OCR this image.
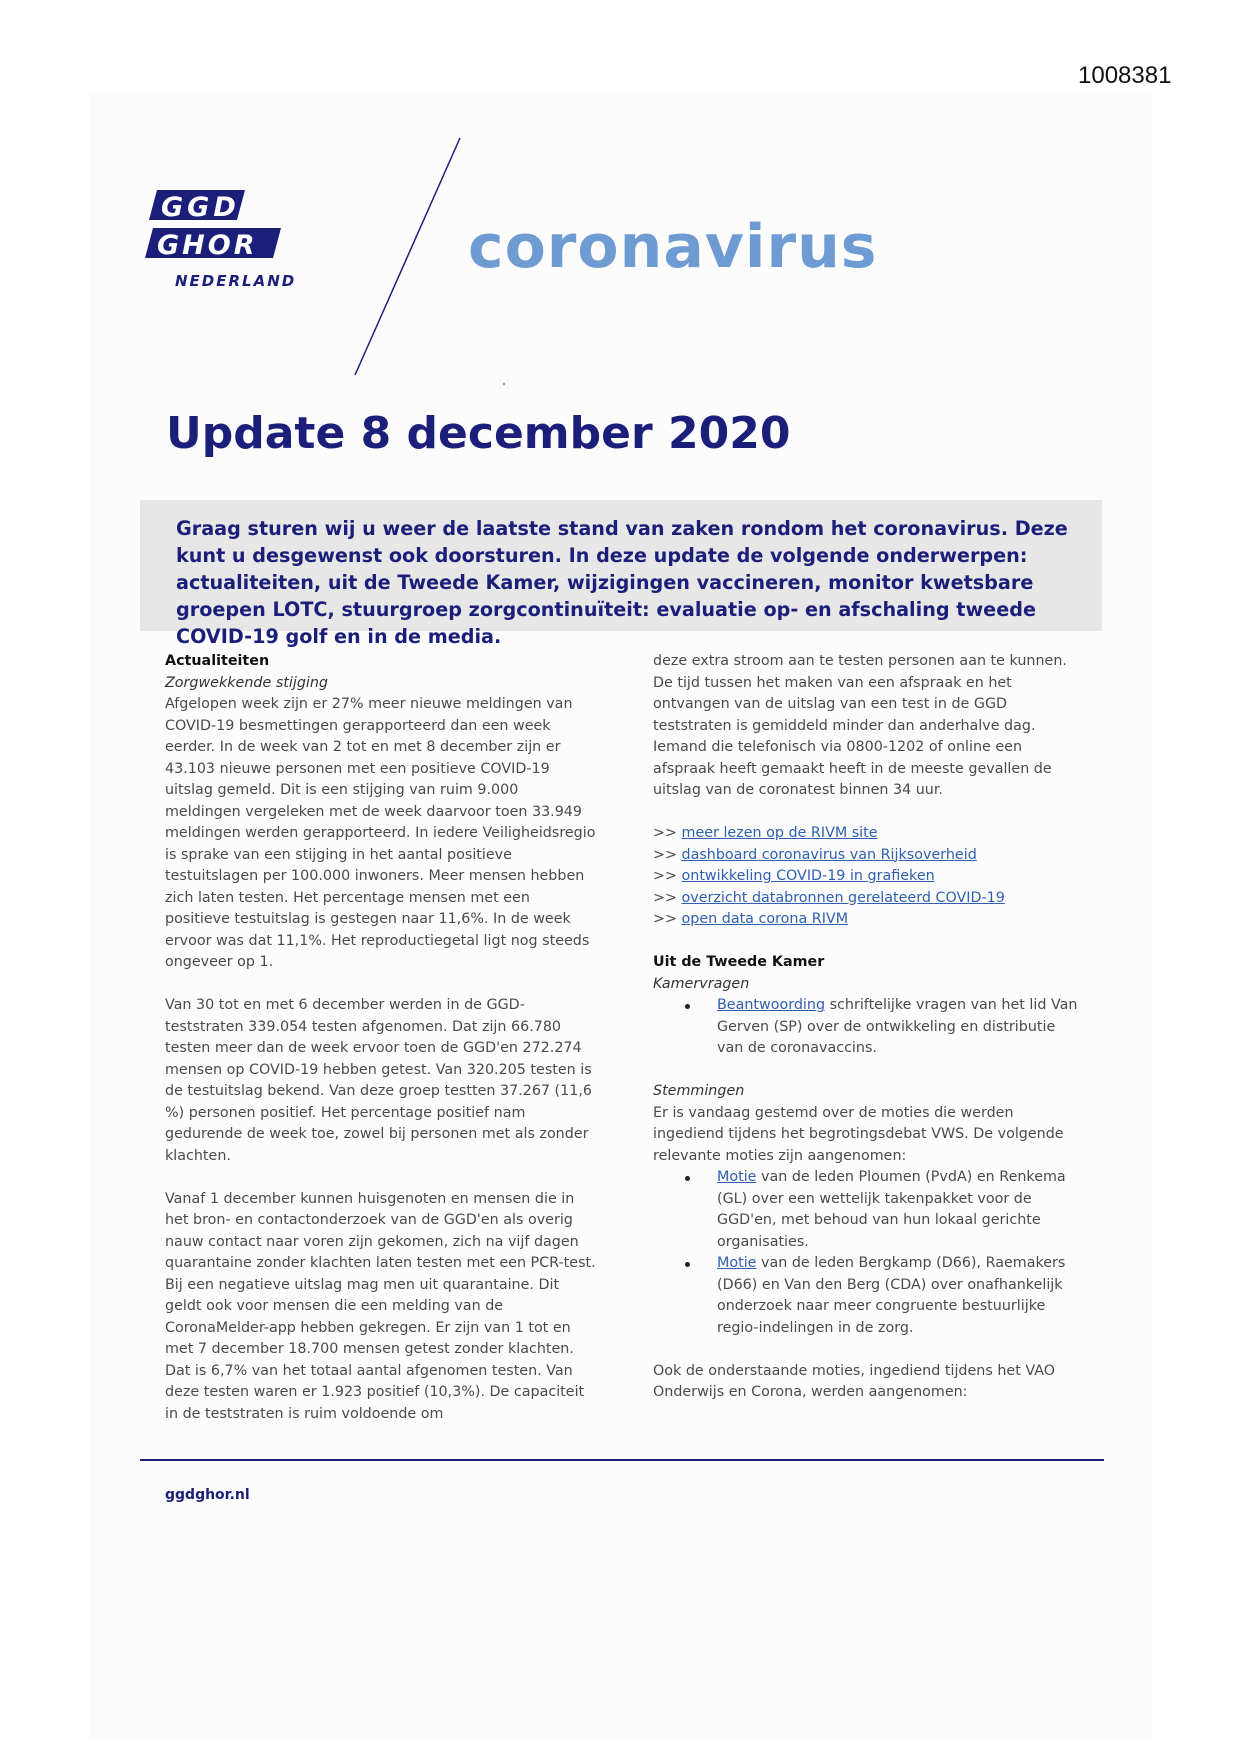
1008381
GGD
GHOR
NEDERLAND	coronavirus
Update 8 december 2020

Graag sturen wij u weer de laatste stand van zaken rondom het coronavirus. Deze kunt u desgewenst ook doorsturen. In deze update de volgende onderwerpen: actualiteiten, uit de Tweede Kamer, wijzigingen vaccineren, monitor kwetsbare groepen LOTC, stuurgroep zorgcontinuïteit: evaluatie op- en afschaling tweede COVID-19 golf en in de media.

Actualiteiten

Zorgwekkende stijging

Afgelopen week zijn er 27% meer nieuwe meldingen van COVID-19 besmettingen gerapporteerd dan een week eerder. In de week van 2 tot en met 8 december zijn er 43.103 nieuwe personen met een positieve COVID-19 uitslag gemeld. Dit is een stijging van ruim 9.000 meldingen vergeleken met de week daarvoor toen 33.949 meldingen werden gerapporteerd. In iedere Veiligheidsregio is sprake van een stijging in het aantal positieve testuitslagen per 100.000 inwoners. Meer mensen hebben zich laten testen. Het percentage mensen met een positieve testuitslag is gestegen naar 11,6%. In de week ervoor was dat 11,1%. Het reproductiegetal ligt nog steeds ongeveer op 1.

Van 30 tot en met 6 december werden in de GGD-teststraten 339.054 testen afgenomen. Dat zijn 66.780 testen meer dan de week ervoor toen de GGD'en 272.274 mensen op COVID-19 hebben getest. Van 320.205 testen is de testuitslag bekend. Van deze groep testten 37.267 (11,6 %) personen positief. Het percentage positief nam gedurende de week toe, zowel bij personen met als zonder klachten.

Vanaf 1 december kunnen huisgenoten en mensen die in het bron- en contactonderzoek van de GGD'en als overig nauw contact naar voren zijn gekomen, zich na vijf dagen quarantaine zonder klachten laten testen met een PCR-test. Bij een negatieve uitslag mag men uit quarantaine. Dit geldt ook voor mensen die een melding van de CoronaMelder-app hebben gekregen. Er zijn van 1 tot en met 7 december 18.700 mensen getest zonder klachten. Dat is 6,7% van het totaal aantal afgenomen testen. Van deze testen waren er 1.923 positief (10,3%). De capaciteit in de teststraten is ruim voldoende om

deze extra stroom aan te testen personen aan te kunnen. De tijd tussen het maken van een afspraak en het ontvangen van de uitslag van een test in de GGD teststraten is gemiddeld minder dan anderhalve dag. Iemand die telefonisch via 0800-1202 of online een afspraak heeft gemaakt heeft in de meeste gevallen de uitslag van de coronatest binnen 34 uur.

>> meer lezen op de RIVM site
>> dashboard coronavirus van Rijksoverheid
>> ontwikkeling COVID-19 in grafieken
>> overzicht databronnen gerelateerd COVID-19
>> open data corona RIVM

Uit de Tweede Kamer

Kamervragen

Beantwoording schriftelijke vragen van het lid Van Gerven (SP) over de ontwikkeling en distributie van de coronavaccins.

Stemmingen

Er is vandaag gestemd over de moties die werden ingediend tijdens het begrotingsdebat VWS. De volgende relevante moties zijn aangenomen:

Motie van de leden Ploumen (PvdA) en Renkema (GL) over een wettelijk takenpakket voor de GGD'en, met behoud van hun lokaal gerichte organisaties.
Motie van de leden Bergkamp (D66), Raemakers (D66) en Van den Berg (CDA) over onafhankelijk onderzoek naar meer congruente bestuurlijke regio-indelingen in de zorg.

Ook de onderstaande moties, ingediend tijdens het VAO Onderwijs en Corona, werden aangenomen:

ggdghor.nl
